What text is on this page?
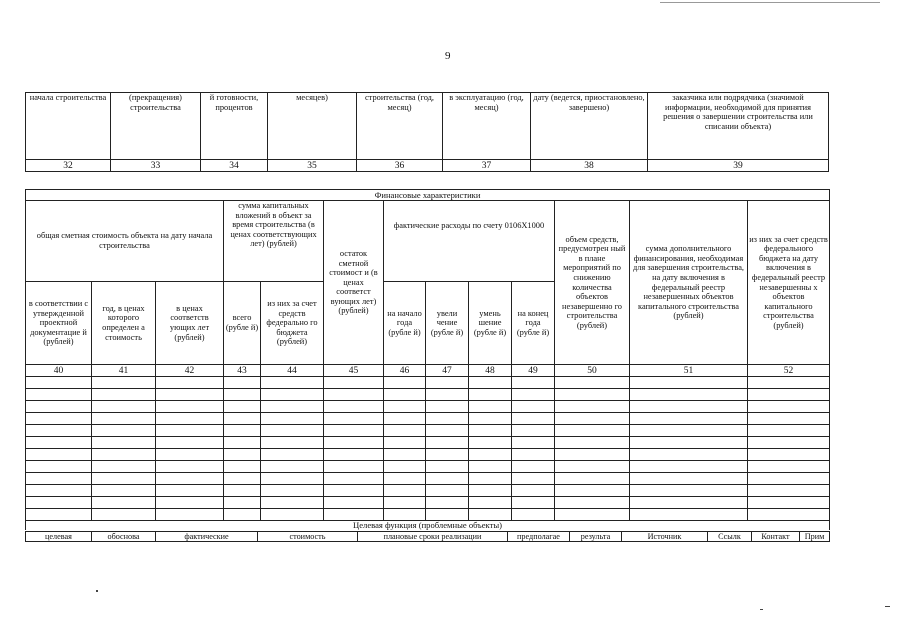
9
начала строительства	(прекращения) строительства	й готовности, процентов	месяцев)	строительства (год, месяц)	в эксплуатацию (год, месяц)	дату (ведется, приостановлено, завершено)	заказчика или подрядчика (значимой информации, необходимой для принятия решения о завершении строительства или списании объекта)
32	33	34	35	36	37	38	39
Финансовые характеристики												
общая сметная стоимость объекта на дату начала строительства			сумма капитальных вложений в объект за время строительства (в ценах соответствующих лет) (рублей)		остаток сметной стоимост и (в ценах соответст вующих лет) (рублей)	фактические расходы по счету 0106Х1000				объем средств, предусмотрен ный в плане мероприятий по снижению количества объектов незавершенно го строительства (рублей)	сумма дополнительного финансирования, необходимая для завершения строительства, на дату включения в федеральный реестр незавершенных объектов капитального строительства (рублей)	из них за счет средств федерального бюджета на дату включения в федеральный реестр незавершенны х объектов капитального строительства (рублей)
в соответствии с утвержденной проектной документацие й (рублей)	год, в ценах которого определен а стоимость	в ценах соответств ующих лет (рублей)	всего (рубле й)	из них за счет средств федерально го бюджета (рублей)		на начало года (рубле й)	увели чение (рубле й)	умень шение (рубле й)	на конец года (рубле й)			
40	41	42	43	44	45	46	47	48	49	50	51	52

Целевая функция (проблемные объекты)												
целевая	обоснова	фактические	стоимость	плановые сроки реализации	предполагае	результа	Источник	Ссылк	Контакт	Прим
